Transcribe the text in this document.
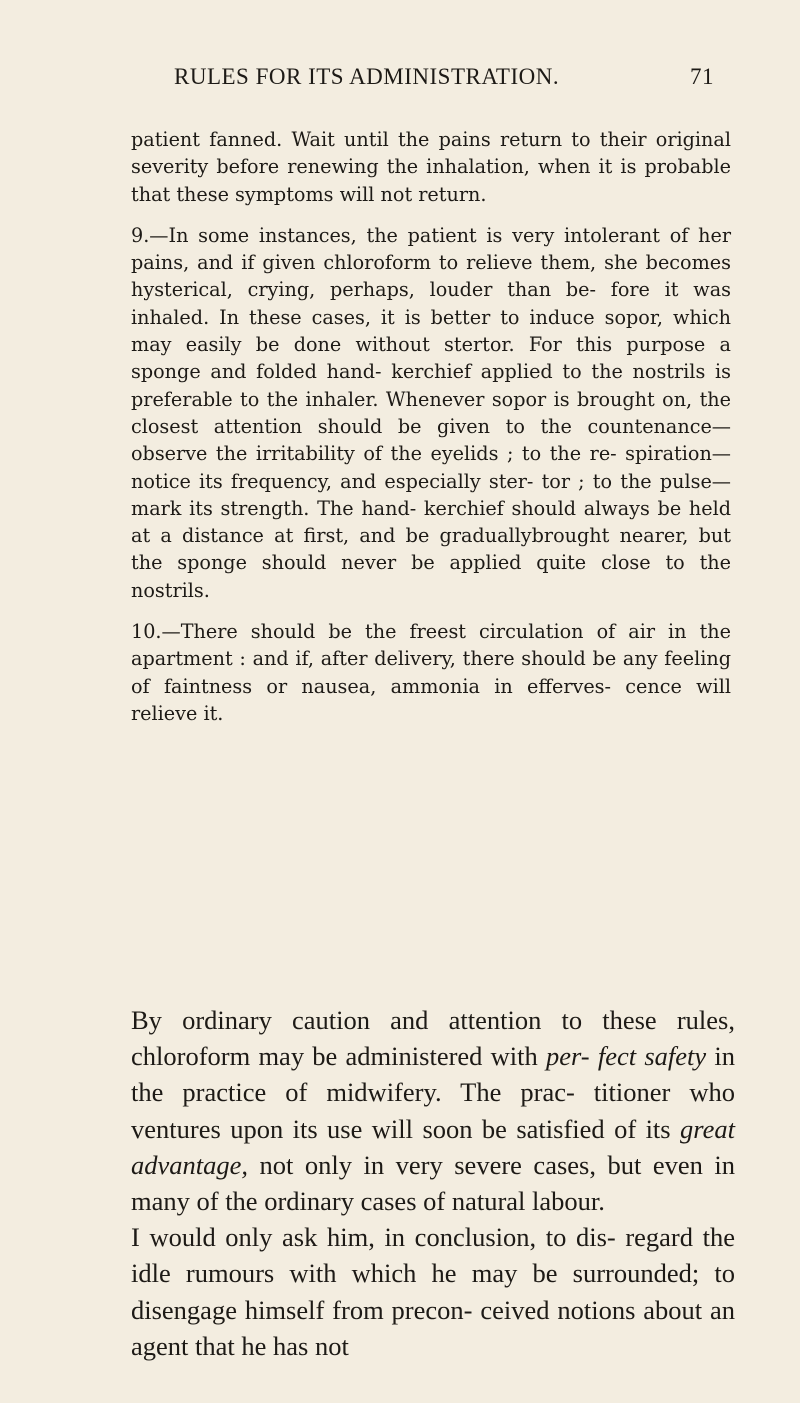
RULES FOR ITS ADMINISTRATION.	71

patient fanned. Wait until the pains return to their original severity before renewing the inhalation, when it is probable that these symptoms will not return.

9.—In some instances, the patient is very intolerant of her pains, and if given chloroform to relieve them, she becomes hysterical, crying, perhaps, louder than be- fore it was inhaled. In these cases, it is better to induce sopor, which may easily be done without stertor. For this purpose a sponge and folded hand- kerchief applied to the nostrils is preferable to the inhaler. Whenever sopor is brought on, the closest attention should be given to the countenance— observe the irritability of the eyelids ; to the re- spiration—notice its frequency, and especially ster- tor ; to the pulse—mark its strength. The hand- kerchief should always be held at a distance at first, and be graduallybrought nearer, but the sponge should never be applied quite close to the nostrils.

10.—There should be the freest circulation of air in the apartment : and if, after delivery, there should be any feeling of faintness or nausea, ammonia in efferves- cence will relieve it.

By ordinary caution and attention to these rules, chloroform may be administered with per- fect safety in the practice of midwifery. The prac- titioner who ventures upon its use will soon be satisfied of its great advantage, not only in very severe cases, but even in many of the ordinary cases of natural labour.

I would only ask him, in conclusion, to dis- regard the idle rumours with which he may be surrounded; to disengage himself from precon- ceived notions about an agent that he has not
